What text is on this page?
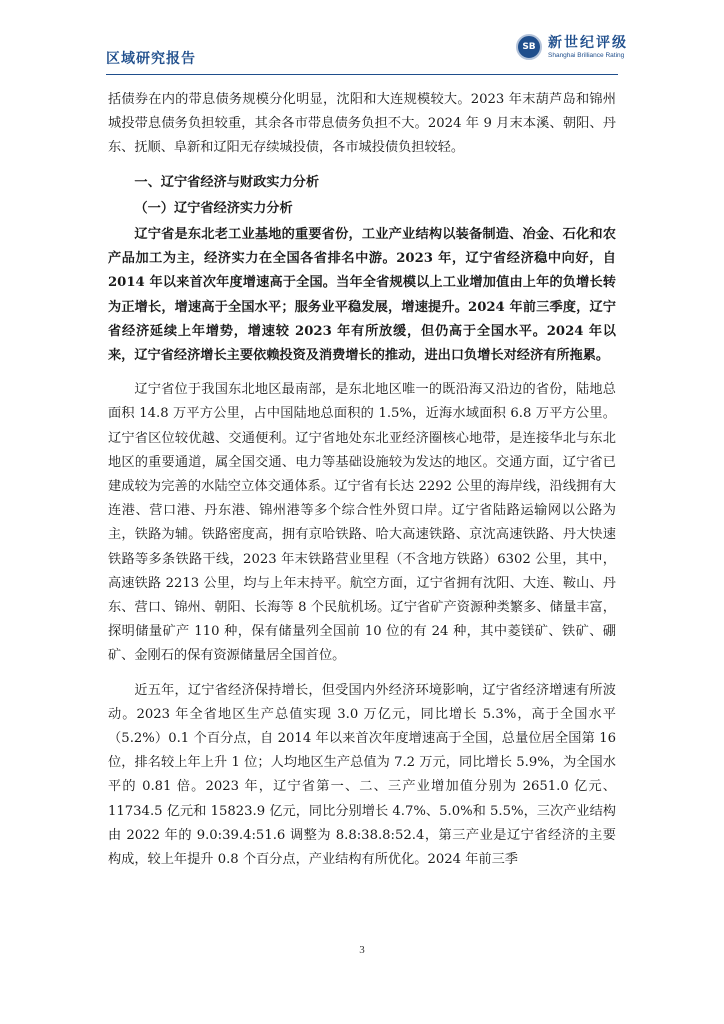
区域研究报告
SB 新世纪评级
Shanghai Brilliance Rating

括债券在内的带息债务规模分化明显，沈阳和大连规模较大。2023 年末葫芦岛和锦州城投带息债务负担较重，其余各市带息债务负担不大。2024 年 9 月末本溪、朝阳、丹东、抚顺、阜新和辽阳无存续城投债，各市城投债负担较轻。

一、辽宁省经济与财政实力分析

（一）辽宁省经济实力分析

辽宁省是东北老工业基地的重要省份，工业产业结构以装备制造、冶金、石化和农产品加工为主，经济实力在全国各省排名中游。2023 年，辽宁省经济稳中向好，自 2014 年以来首次年度增速高于全国。当年全省规模以上工业增加值由上年的负增长转为正增长，增速高于全国水平；服务业平稳发展，增速提升。2024 年前三季度，辽宁省经济延续上年增势，增速较 2023 年有所放缓，但仍高于全国水平。2024 年以来，辽宁省经济增长主要依赖投资及消费增长的推动，进出口负增长对经济有所拖累。

辽宁省位于我国东北地区最南部，是东北地区唯一的既沿海又沿边的省份，陆地总面积 14.8 万平方公里，占中国陆地总面积的 1.5%，近海水域面积 6.8 万平方公里。辽宁省区位较优越、交通便利。辽宁省地处东北亚经济圈核心地带，是连接华北与东北地区的重要通道，属全国交通、电力等基础设施较为发达的地区。交通方面，辽宁省已建成较为完善的水陆空立体交通体系。辽宁省有长达 2292 公里的海岸线，沿线拥有大连港、营口港、丹东港、锦州港等多个综合性外贸口岸。辽宁省陆路运输网以公路为主，铁路为辅。铁路密度高，拥有京哈铁路、哈大高速铁路、京沈高速铁路、丹大快速铁路等多条铁路干线，2023 年末铁路营业里程（不含地方铁路）6302 公里，其中，高速铁路 2213 公里，均与上年末持平。航空方面，辽宁省拥有沈阳、大连、鞍山、丹东、营口、锦州、朝阳、长海等 8 个民航机场。辽宁省矿产资源种类繁多、储量丰富，探明储量矿产 110 种，保有储量列全国前 10 位的有 24 种，其中菱镁矿、铁矿、硼矿、金刚石的保有资源储量居全国首位。

近五年，辽宁省经济保持增长，但受国内外经济环境影响，辽宁省经济增速有所波动。2023 年全省地区生产总值实现 3.0 万亿元，同比增长 5.3%，高于全国水平（5.2%）0.1 个百分点，自 2014 年以来首次年度增速高于全国，总量位居全国第 16 位，排名较上年上升 1 位；人均地区生产总值为 7.2 万元，同比增长 5.9%，为全国水平的 0.81 倍。2023 年，辽宁省第一、二、三产业增加值分别为 2651.0 亿元、11734.5 亿元和 15823.9 亿元，同比分别增长 4.7%、5.0%和 5.5%，三次产业结构由 2022 年的 9.0:39.4:51.6 调整为 8.8:38.8:52.4，第三产业是辽宁省经济的主要构成，较上年提升 0.8 个百分点，产业结构有所优化。2024 年前三季

3
